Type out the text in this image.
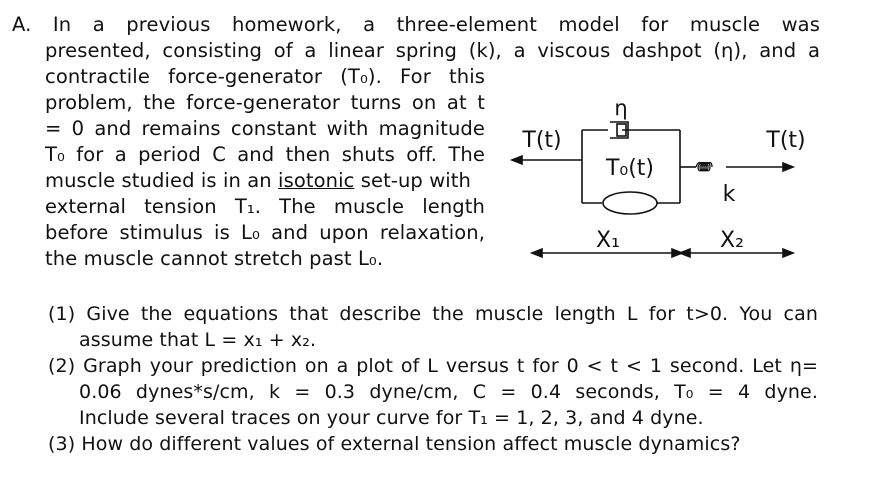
A. In a previous homework, a three-element model for muscle was
presented, consisting of a linear spring (k), a viscous dashpot (η), and a
contractile force-generator (T₀). For this
problem, the force-generator turns on at t
= 0 and remains constant with magnitude
T₀ for a period C and then shuts off. The
muscle studied is in an isotonic set-up with
external tension T₁. The muscle length
before stimulus is L₀ and upon relaxation,
the muscle cannot stretch past L₀.
η
T(t)	T(t)
T₀(t)
k
X₁	X₂
(1) Give the equations that describe the muscle length L for t>0. You can
assume that L = x₁ + x₂.
(2) Graph your prediction on a plot of L versus t for 0 < t < 1 second. Let η=
0.06 dynes*s/cm, k = 0.3 dyne/cm, C = 0.4 seconds, T₀ = 4 dyne.
Include several traces on your curve for T₁ = 1, 2, 3, and 4 dyne.
(3) How do different values of external tension affect muscle dynamics?
